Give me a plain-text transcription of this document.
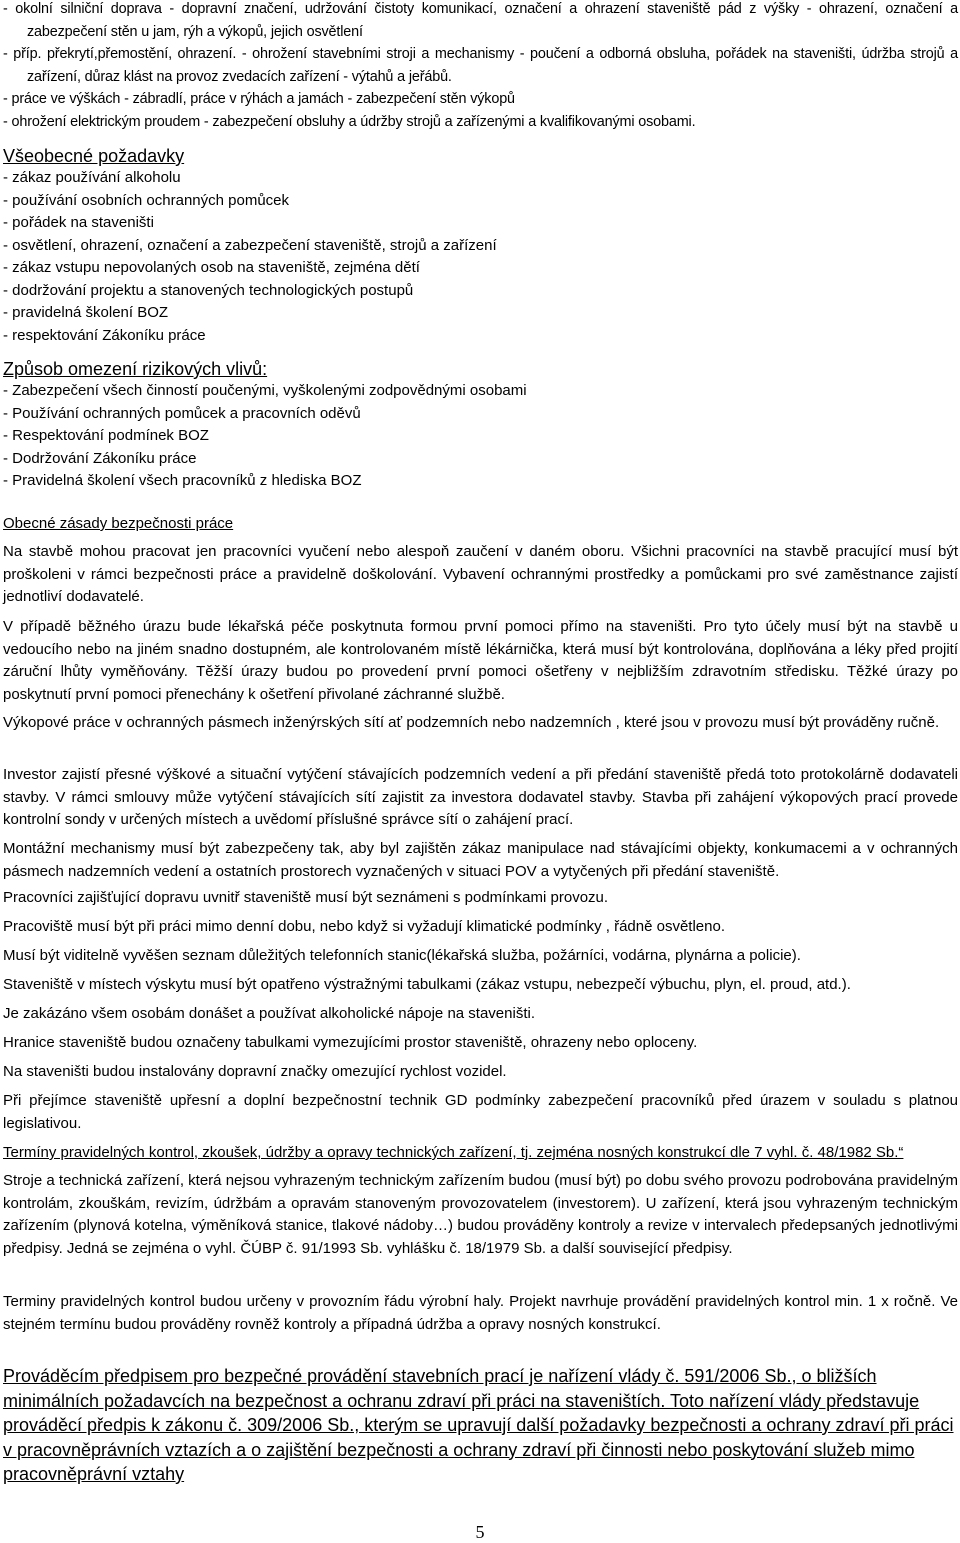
- okolní silniční doprava - dopravní značení, udržování čistoty komunikací, označení a ohrazení staveniště pád z výšky - ohrazení, označení a zabezpečení stěn u jam, rýh a výkopů, jejich osvětlení

- příp. překrytí,přemostění, ohrazení. - ohrožení stavebními stroji a mechanismy - poučení a odborná obsluha, pořádek na staveništi, údržba strojů a zařízení, důraz klást na provoz zvedacích zařízení - výtahů a jeřábů.

- práce ve výškách - zábradlí, práce v rýhách a jamách - zabezpečení stěn výkopů

- ohrožení elektrickým proudem - zabezpečení obsluhy a údržby strojů a zařízenými a kvalifikovanými osobami.

Všeobecné požadavky
- zákaz používání alkoholu
- používání osobních ochranných pomůcek
- pořádek na staveništi
- osvětlení, ohrazení, označení a zabezpečení staveniště, strojů a zařízení
- zákaz vstupu nepovolaných osob na staveniště, zejména dětí
- dodržování projektu a stanovených technologických postupů
- pravidelná školení BOZ
- respektování Zákoníku práce
Způsob omezení rizikových vlivů:
- Zabezpečení všech činností poučenými, vyškolenými zodpovědnými osobami
- Používání ochranných pomůcek a pracovních oděvů
- Respektování podmínek BOZ
- Dodržování Zákoníku práce
- Pravidelná školení všech pracovníků z hlediska BOZ
Obecné zásady bezpečnosti práce
Na stavbě mohou pracovat jen pracovníci vyučení nebo alespoň zaučení v daném oboru. Všichni pracovníci na stavbě pracující musí být proškoleni v rámci bezpečnosti práce a pravidelně doškolování. Vybavení ochrannými prostředky a pomůckami pro své zaměstnance zajistí jednotliví dodavatelé.
V případě běžného úrazu bude lékařská péče poskytnuta formou první pomoci přímo na staveništi. Pro tyto účely musí být na stavbě u vedoucího nebo na jiném snadno dostupném, ale kontrolovaném místě lékárnička, která musí být kontrolována, doplňována a léky před projití záruční lhůty vyměňovány. Těžší úrazy budou po provedení první pomoci ošetřeny v nejbližším zdravotním středisku. Těžké úrazy po poskytnutí první pomoci přenechány k ošetření přivolané záchranné službě.
Výkopové práce v ochranných pásmech inženýrských sítí ať podzemních nebo nadzemních , které jsou v provozu musí být prováděny ručně.
Investor zajistí přesné výškové a situační vytýčení stávajících podzemních vedení a při předání staveniště předá toto protokolárně dodavateli stavby. V rámci smlouvy může vytýčení stávajících sítí zajistit za investora dodavatel stavby. Stavba při zahájení výkopových prací provede kontrolní sondy v určených místech a uvědomí příslušné správce sítí o zahájení prací.
Montážní mechanismy musí být zabezpečeny tak, aby byl zajištěn zákaz manipulace nad stávajícími objekty, konkumacemi a v ochranných pásmech nadzemních vedení a ostatních prostorech vyznačených v situaci POV a vytyčených při předání staveniště.
Pracovníci zajišťující dopravu uvnitř staveniště musí být seznámeni s podmínkami provozu.
Pracoviště musí být při práci mimo denní dobu, nebo když si vyžadují klimatické podmínky , řádně osvětleno.
Musí být viditelně vyvěšen seznam důležitých telefonních stanic(lékařská služba, požárníci, vodárna, plynárna a policie).
Staveniště v místech výskytu musí být opatřeno výstražnými tabulkami (zákaz vstupu, nebezpečí výbuchu, plyn, el. proud, atd.).
Je zakázáno všem osobám donášet a používat alkoholické nápoje na staveništi.
Hranice staveniště budou označeny tabulkami vymezujícími prostor staveniště, ohrazeny nebo oploceny.
Na staveništi budou instalovány dopravní značky omezující rychlost vozidel.
Při přejímce staveniště upřesní a doplní bezpečnostní technik GD podmínky zabezpečení pracovníků před úrazem v souladu s platnou legislativou.
Termíny pravidelných kontrol, zkoušek, údržby a opravy technických zařízení, tj. zejména nosných konstrukcí dle 7 vyhl. č. 48/1982 Sb.“
Stroje a technická zařízení, která nejsou vyhrazeným technickým zařízením budou (musí být) po dobu svého provozu podrobována pravidelným kontrolám, zkouškám, revizím, údržbám a opravám stanoveným provozovatelem (investorem). U zařízení, která jsou vyhrazeným technickým zařízením (plynová kotelna, výměníková stanice, tlakové nádoby…) budou prováděny kontroly a revize v intervalech předepsaných jednotlivými předpisy. Jedná se zejména o vyhl. ČÚBP č. 91/1993 Sb. vyhlášku č. 18/1979 Sb. a další související předpisy.
Terminy pravidelných kontrol budou určeny v provozním řádu výrobní haly. Projekt navrhuje provádění pravidelných kontrol min. 1 x ročně. Ve stejném termínu budou prováděny rovněž kontroly a případná údržba a opravy nosných konstrukcí.
Prováděcím předpisem pro bezpečné provádění stavebních prací je nařízení vlády č. 591/2006 Sb., o bližších minimálních požadavcích na bezpečnost a ochranu zdraví při práci na staveništích. Toto nařízení vlády představuje prováděcí předpis k zákonu č. 309/2006 Sb., kterým se upravují další požadavky bezpečnosti a ochrany zdraví při práci v pracovněprávních vztazích a o zajištění bezpečnosti a ochrany zdraví při činnosti nebo poskytování služeb mimo pracovněprávní vztahy
5
